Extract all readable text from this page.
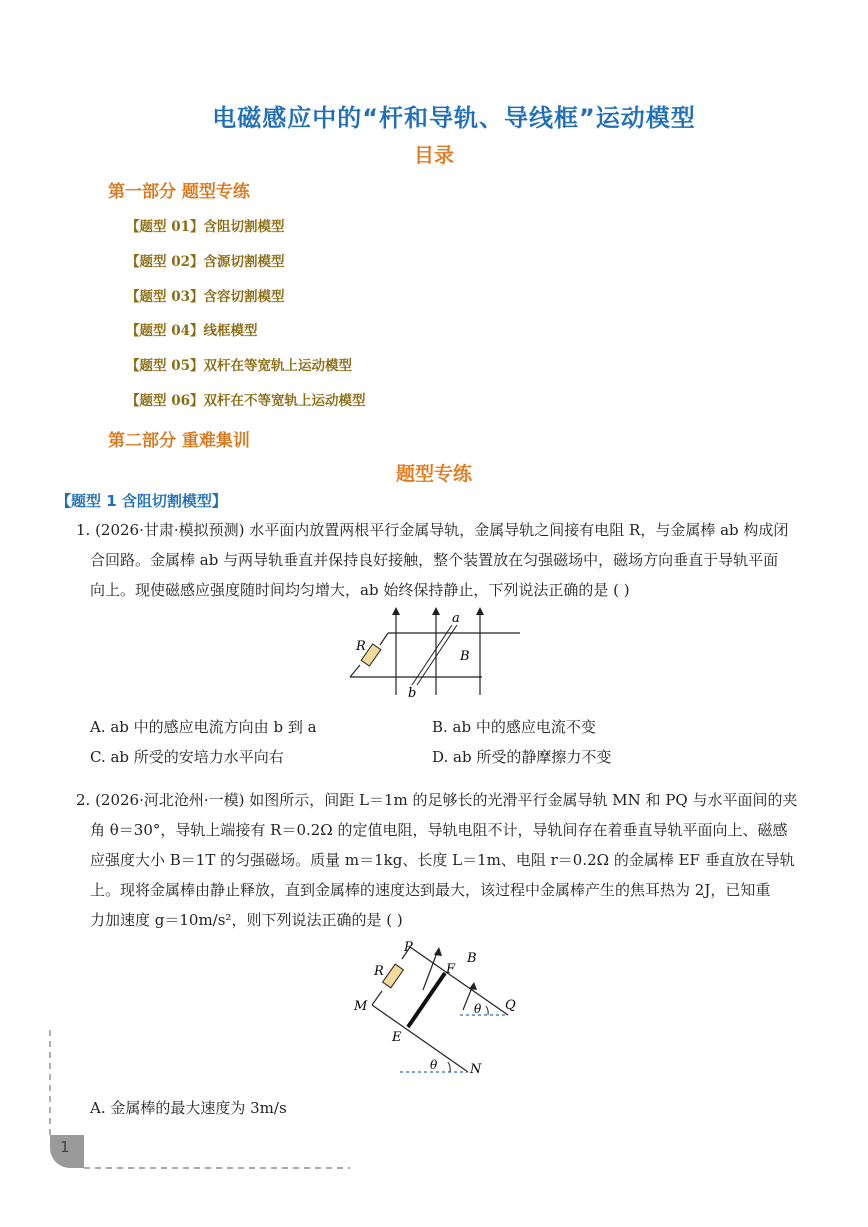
电磁感应中的“杆和导轨、导线框”运动模型
目录
第一部分 题型专练
【题型 01】含阻切割模型
【题型 02】含源切割模型
【题型 03】含容切割模型
【题型 04】线框模型
【题型 05】双杆在等宽轨上运动模型
【题型 06】双杆在不等宽轨上运动模型
第二部分 重难集训
题型专练
【题型 1 含阻切割模型】
1. (2026·甘肃·模拟预测) 水平面内放置两根平行金属导轨，金属导轨之间接有电阻 R，与金属棒 ab 构成闭
合回路。金属棒 ab 与两导轨垂直并保持良好接触，整个装置放在匀强磁场中，磁场方向垂直于导轨平面
向上。现使磁感应强度随时间均匀增大，ab 始终保持静止，下列说法正确的是 ( )
R
a
b
B
A. ab 中的感应电流方向由 b 到 a	B. ab 中的感应电流不变
C. ab 所受的安培力水平向右	D. ab 所受的静摩擦力不变
2. (2026·河北沧州·一模) 如图所示，间距 L＝1m 的足够长的光滑平行金属导轨 MN 和 PQ 与水平面间的夹
角 θ＝30°，导轨上端接有 R＝0.2Ω 的定值电阻，导轨电阻不计，导轨间存在着垂直导轨平面向上、磁感
应强度大小 B＝1T 的匀强磁场。质量 m＝1kg、长度 L＝1m、电阻 r＝0.2Ω 的金属棒 EF 垂直放在导轨
上。现将金属棒由静止释放，直到金属棒的速度达到最大，该过程中金属棒产生的焦耳热为 2J，已知重
力加速度 g＝10m/s²，则下列说法正确的是 ( )
P
B
R	F
M	Q
θ
E
θ	N
A. 金属棒的最大速度为 3m/s
1
